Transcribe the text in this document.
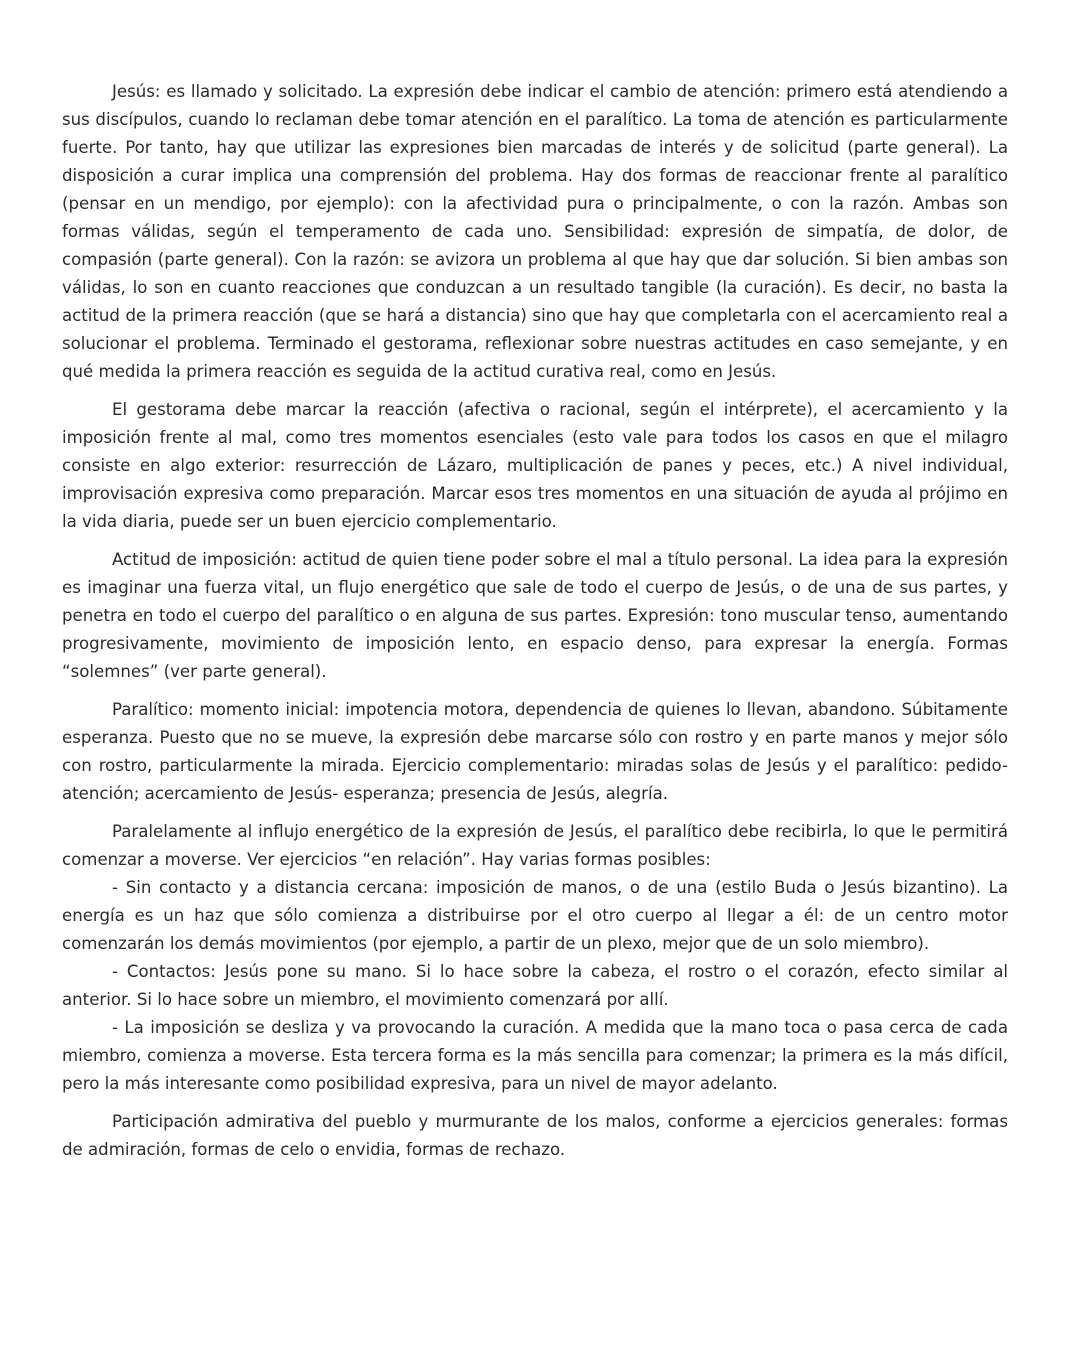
Jesús: es llamado y solicitado. La expresión debe indicar el cambio de atención: primero está atendiendo a sus discípulos, cuando lo reclaman debe tomar atención en el paralítico. La toma de atención es particularmente fuerte. Por tanto, hay que utilizar las expresiones bien marcadas de interés y de solicitud (parte general). La disposición a curar implica una comprensión del problema. Hay dos formas de reaccionar frente al paralítico (pensar en un mendigo, por ejemplo): con la afectividad pura o principalmente, o con la razón. Ambas son formas válidas, según el temperamento de cada uno. Sensibilidad: expresión de simpatía, de dolor, de compasión (parte general). Con la razón: se avizora un problema al que hay que dar solución. Si bien ambas son válidas, lo son en cuanto reacciones que conduzcan a un resultado tangible (la curación). Es decir, no basta la actitud de la primera reacción (que se hará a distancia) sino que hay que completarla con el acercamiento real a solucionar el problema. Terminado el gestorama, reflexionar sobre nuestras actitudes en caso semejante, y en qué medida la primera reacción es seguida de la actitud curativa real, como en Jesús.

El gestorama debe marcar la reacción (afectiva o racional, según el intérprete), el acercamiento y la imposición frente al mal, como tres momentos esenciales (esto vale para todos los casos en que el milagro consiste en algo exterior: resurrección de Lázaro, multiplicación de panes y peces, etc.) A nivel individual, improvisación expresiva como preparación. Marcar esos tres momentos en una situación de ayuda al prójimo en la vida diaria, puede ser un buen ejercicio complementario.

Actitud de imposición: actitud de quien tiene poder sobre el mal a título personal. La idea para la expresión es imaginar una fuerza vital, un flujo energético que sale de todo el cuerpo de Jesús, o de una de sus partes, y penetra en todo el cuerpo del paralítico o en alguna de sus partes. Expresión: tono muscular tenso, aumentando progresivamente, movimiento de imposición lento, en espacio denso, para expresar la energía. Formas “solemnes” (ver parte general).

Paralítico: momento inicial: impotencia motora, dependencia de quienes lo llevan, abandono. Súbitamente esperanza. Puesto que no se mueve, la expresión debe marcarse sólo con rostro y en parte manos y mejor sólo con rostro, particularmente la mirada. Ejercicio complementario: miradas solas de Jesús y el paralítico: pedido-atención; acercamiento de Jesús- esperanza; presencia de Jesús, alegría.

Paralelamente al influjo energético de la expresión de Jesús, el paralítico debe recibirla, lo que le permitirá comenzar a moverse. Ver ejercicios “en relación”. Hay varias formas posibles:

- Sin contacto y a distancia cercana: imposición de manos, o de una (estilo Buda o Jesús bizantino). La energía es un haz que sólo comienza a distribuirse por el otro cuerpo al llegar a él: de un centro motor comenzarán los demás movimientos (por ejemplo, a partir de un plexo, mejor que de un solo miembro).

- Contactos: Jesús pone su mano. Si lo hace sobre la cabeza, el rostro o el corazón, efecto similar al anterior. Si lo hace sobre un miembro, el movimiento comenzará por allí.

- La imposición se desliza y va provocando la curación. A medida que la mano toca o pasa cerca de cada miembro, comienza a moverse. Esta tercera forma es la más sencilla para comenzar; la primera es la más difícil, pero la más interesante como posibilidad expresiva, para un nivel de mayor adelanto.

Participación admirativa del pueblo y murmurante de los malos, conforme a ejercicios generales: formas de admiración, formas de celo o envidia, formas de rechazo.
